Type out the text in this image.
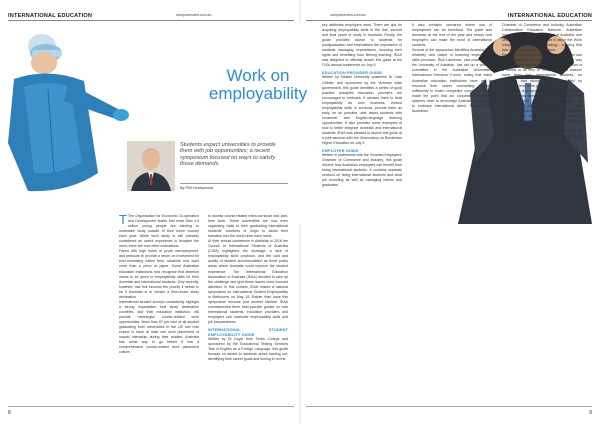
INTERNATIONAL EDUCATION	campusreview.com.au	campusreview.com.au	INTERNATIONAL EDUCATION
Work on
employability
Students expect universities to provide them with job opportunities; a recent symposium focused on ways to satisfy those demands.
By Phil Honeywood

T The Organisation for Economic Co-operation and Development states that more than 4.5 million young people are electing to undertake study outside of their home country each year. While such study is still primarily considered as useful experience to broaden the mind, there are now other motivations.

Faced with high levels of youth unemployment, and pressure to provide a return on investment for ever-increasing tuition fees, students now want more than a piece of paper. Some Australian education institutions now recognise that attention needs to be given to employability skills for their domestic and international students. Only recently, however, has this become the priority it needs to be if Australia is to remain a first-choice study destination.

International student surveys consistently highlight a strong expectation that study destination countries, and their education institution, will provide meaningful course-related work opportunities. More than 67 per cent of all student graduating from universities in the US can now expect to have at least one work placement or unpaid internship during their studies. Australia has some way to go before it has a comprehensive course-related work placement culture.

to access course-related extra-curricular and part-time work. These universities are now even organising visits to their graduating international students' countries of origin to assist their transition into the world once back home.

At their annual conference in Adelaide in 2016 the Council of International Students of Australia (CISA) highlighted the shortage: a lack of employability skills provision, and the cost and quality of student accommodation as three policy areas where Australia could improve the student experience. The International Education Association of Australia (IEAA) decided to take up the challenge and give these issues more focused attention. In this context, IEAA hosted a national symposium on International Student Employability in Melbourne on May 15. Rather than have this symposium become just another talkfest, IEAA commissioned three best-practice guides on how international students, education providers and employers can maximise employability skills and job preparedness.

INTERNATIONAL STUDENT EMPLOYABILITY GUIDE

Written by Dr Doyle from Trinity College and sponsored by the Educational Testing Services Test of English as a Foreign Language, this guide focuses on advice to students about starting out, identifying their career goals and honing in on the

key attributes employers want. There are tips for acquiring employability skills in the first, second and final years of study in Australia. Finally, the guide provides advice to students for postgraduation and emphasises the importance of students managing expectations, knowing their rights and benefiting from lifelong learning. IEAA was delighted to officially launch this guide at the CISA annual conference on July 5.

EDUCATION PROVIDER GUIDE

Written by Deakin University academic Dr Cate Gribble, and sponsored by the Victorian state government, this guide identifies a series of good practice principles education providers are encouraged to embrace. It advises them to treat employability as core business, embed employability skills in curricula, provide them as early on as possible, and assist students with consumer and English-language learning opportunities. It also provides some examples of how to better integrate domestic and international students. IEAA was pleased to launch this guide at a joint seminar with the Observatory on Borderless Higher Education on July 9.

EMPLOYER GUIDE

Written in partnership with the Victorian Employers' Chamber of Commerce and Industry, this guide informs how Australian employers can benefit from hiring international students. It contains separate sections on hiring international students and what job recruiting as well as managing interns and graduates.

It also contains scenarios where use of employment can be beneficial. The guide was launched at the end of the year and shows how employers can make the most of international students.

Several of the symposium identified Australia as a relatively new player in fostering employability skills provision. Rick Lawrence, vice-chancellor of the University of Adelaide, has set up a working committee in the Australian Universities International Directors' Forum, noting that many Australian education institutions have yet to resource their career counselling services sufficiently to match competitor countries. Others made the point that our corporate recruitment systems need to encourage Australian employers to embrace international talent. Recently, the Australian

Chamber of Commerce and Industry, Australian Collaborative Education Network, Australian Industry Group, Business Council of Australia, and Universities Australia combined to issue the Work Integrated Learning (WIL) strategy - a policy that was applauded at the Symposium.

Employers and others who want to expand the use of both practice and theory in a sustainable way recognise the fact that collaborating on this front is a means to an end. In many cases the lessons have been lost. International students, an exception that should not be excluded by employers from work placements.

The danger of complacency taking hold in this key student service delivery area is still ever-present. Australia would do well to remember the employability policies and outcomes that competitor countries are now embracing. IEAA will report on the outcome of its work with the Australian Universities International Directors' Forum and the Australian Government.

PHIL HONEYWOOD is executive director of the International Education Association of Australia (IEAA).

8	9
